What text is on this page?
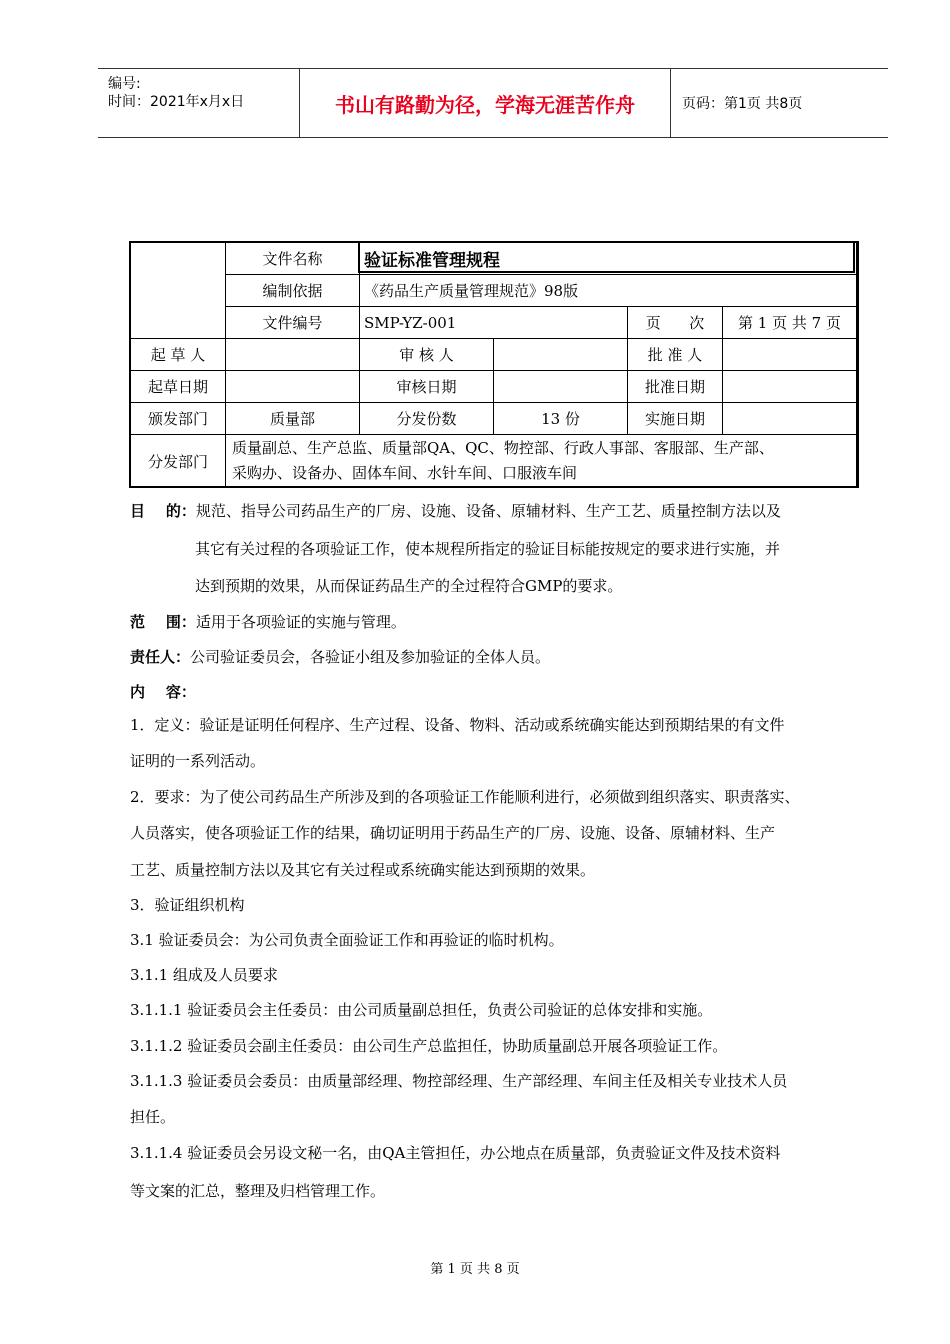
编号:
时间：2021年x月x日	书山有路勤为径，学海无涯苦作舟	页码：第1页 共8页
	文件名称	验证标准管理规程			
	编制依据	《药品生产质量管理规范》98版			
	文件编号	SMP-YZ-001		页      次	第 1 页 共 7 页
起 草 人		审 核 人		批 准 人	
起草日期		审核日期		批准日期	
颁发部门	质量部	分发份数	13 份	实施日期	
分发部门	质量副总、生产总监、质量部QA、QC、物控部、行政人事部、客服部、生产部、
采购办、设备办、固体车间、水针车间、口服液车间				
目    的：规范、指导公司药品生产的厂房、设施、设备、原辅材料、生产工艺、质量控制方法以及
其它有关过程的各项验证工作，使本规程所指定的验证目标能按规定的要求进行实施，并
达到预期的效果，从而保证药品生产的全过程符合GMP的要求。
范    围：适用于各项验证的实施与管理。
责任人：公司验证委员会，各验证小组及参加验证的全体人员。
内    容：
1．定义：验证是证明任何程序、生产过程、设备、物料、活动或系统确实能达到预期结果的有文件
证明的一系列活动。
2．要求：为了使公司药品生产所涉及到的各项验证工作能顺利进行，必须做到组织落实、职责落实、
人员落实，使各项验证工作的结果，确切证明用于药品生产的厂房、设施、设备、原辅材料、生产
工艺、质量控制方法以及其它有关过程或系统确实能达到预期的效果。
3．验证组织机构
3.1 验证委员会：为公司负责全面验证工作和再验证的临时机构。
3.1.1 组成及人员要求
3.1.1.1 验证委员会主任委员：由公司质量副总担任，负责公司验证的总体安排和实施。
3.1.1.2 验证委员会副主任委员：由公司生产总监担任，协助质量副总开展各项验证工作。
3.1.1.3 验证委员会委员：由质量部经理、物控部经理、生产部经理、车间主任及相关专业技术人员
担任。
3.1.1.4 验证委员会另设文秘一名，由QA主管担任，办公地点在质量部，负责验证文件及技术资料
等文案的汇总，整理及归档管理工作。
第 1 页 共 8 页
